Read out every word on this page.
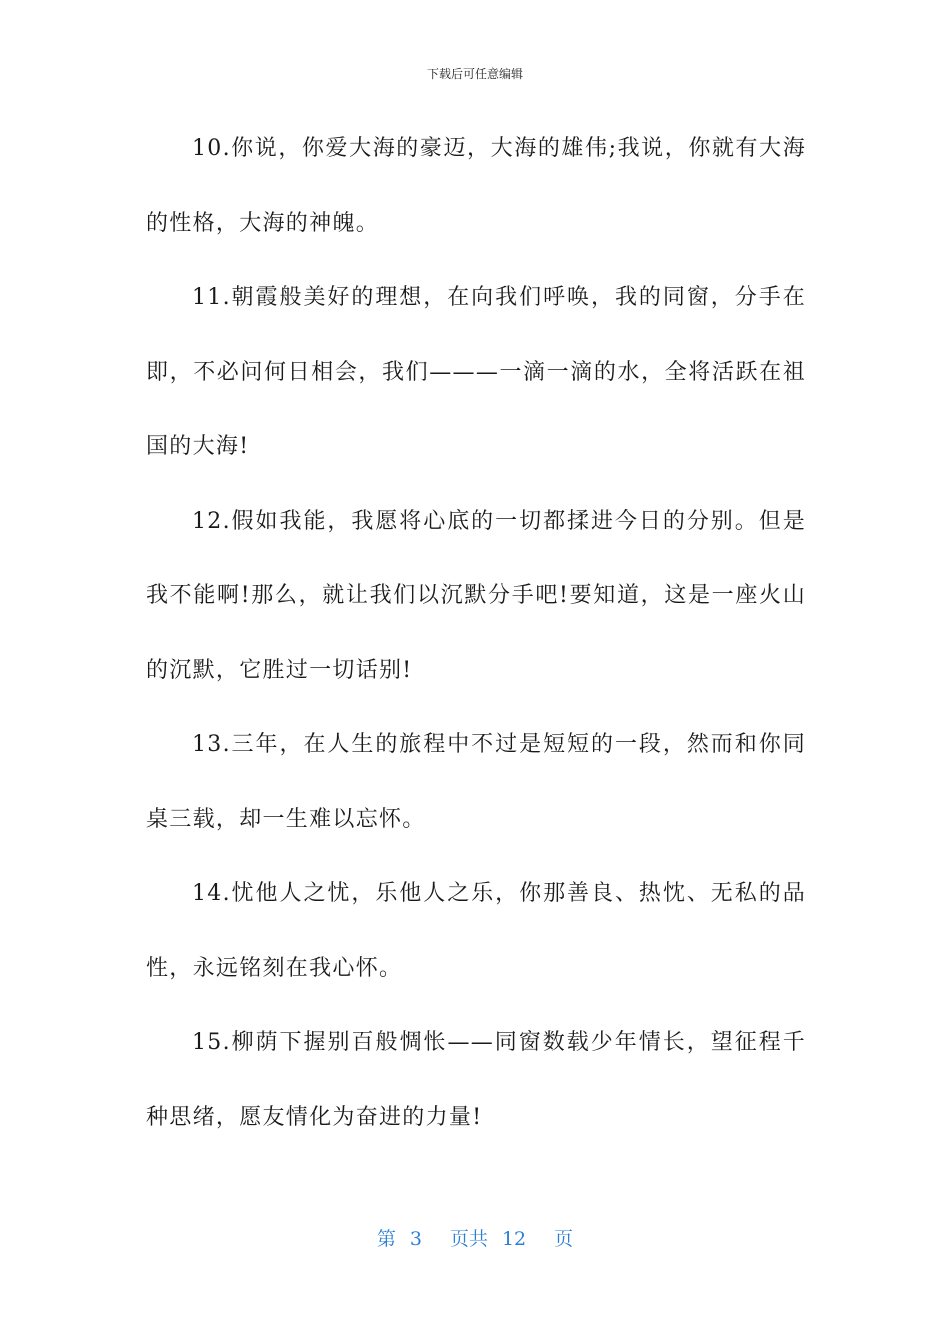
下载后可任意编辑

10.你说，你爱大海的豪迈，大海的雄伟;我说，你就有大海的性格，大海的神魄。

11.朝霞般美好的理想，在向我们呼唤，我的同窗，分手在即，不必问何日相会，我们———一滴一滴的水，全将活跃在祖国的大海!

12.假如我能，我愿将心底的一切都揉进今日的分别。但是我不能啊!那么，就让我们以沉默分手吧!要知道，这是一座火山的沉默，它胜过一切话别!

13.三年，在人生的旅程中不过是短短的一段，然而和你同桌三载，却一生难以忘怀。

14.忧他人之忧，乐他人之乐，你那善良、热忱、无私的品性，永远铭刻在我心怀。

15.柳荫下握别百般惆怅——同窗数载少年情长，望征程千种思绪，愿友情化为奋进的力量!

第 3 页共 12 页
